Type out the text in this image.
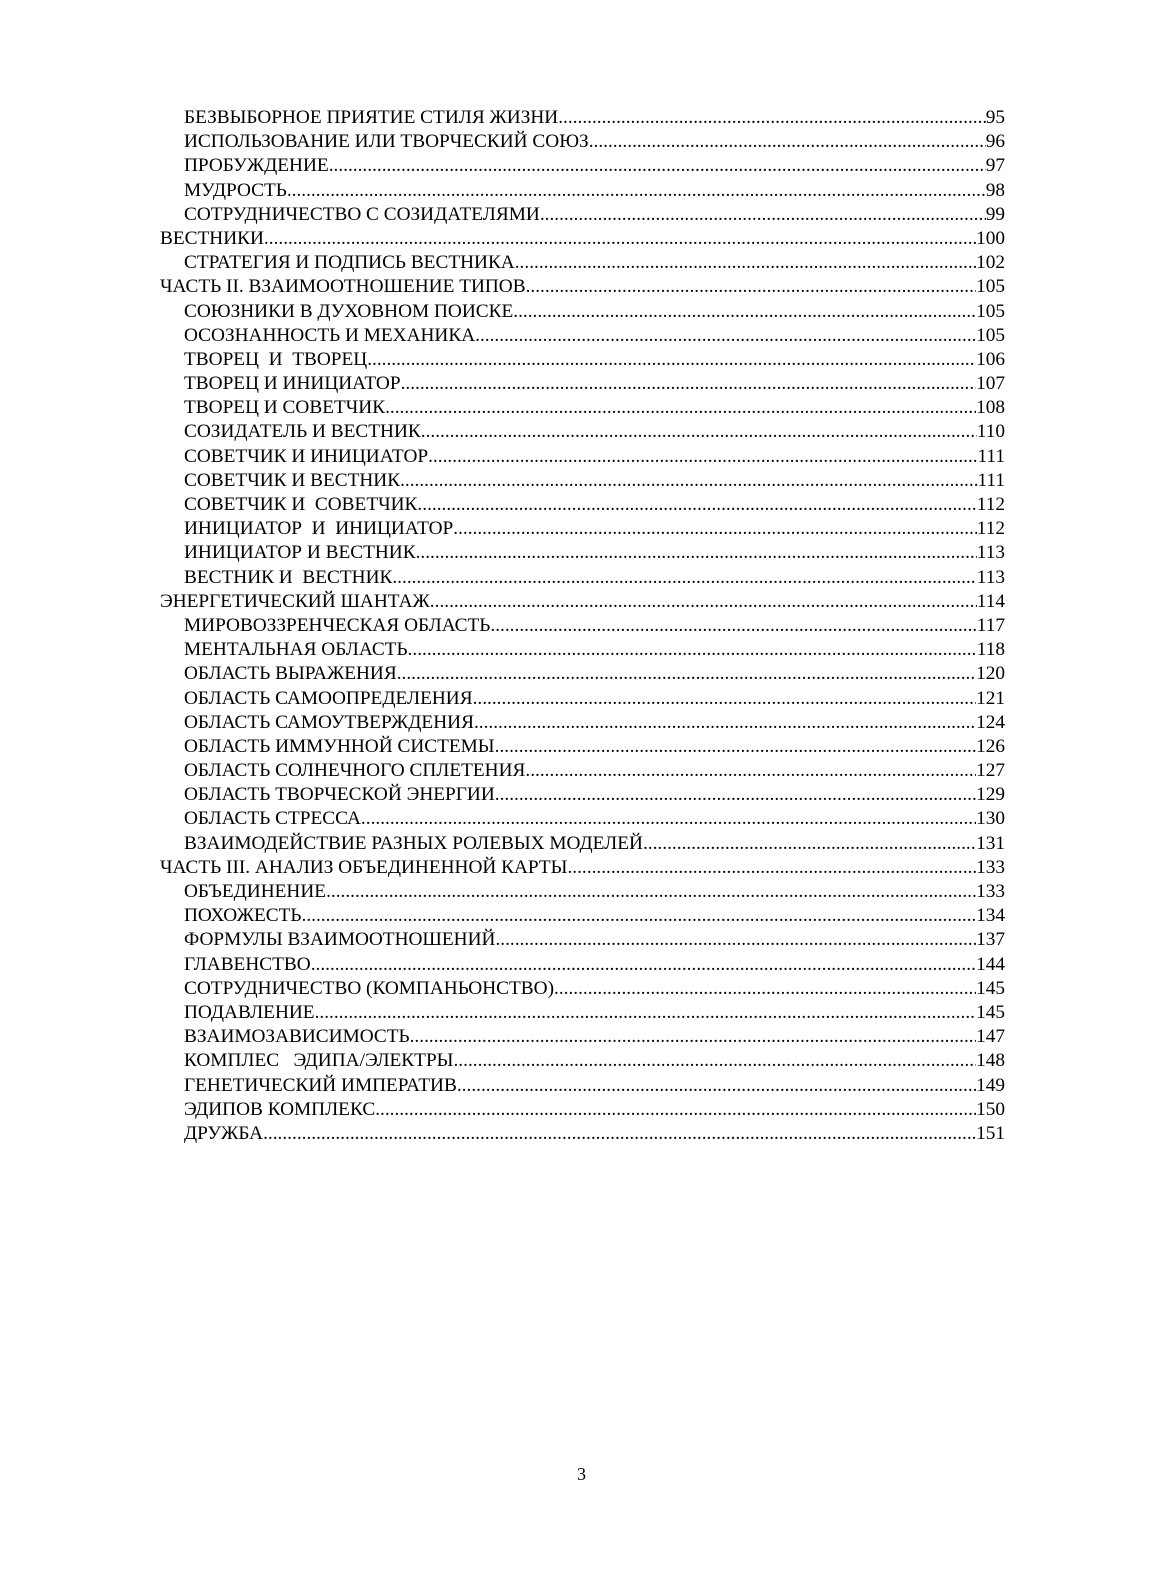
БЕЗВЫБОРНОЕ ПРИЯТИЕ СТИЛЯ ЖИЗНИ .....	95
ИСПОЛЬЗОВАНИЕ ИЛИ ТВОРЧЕСКИЙ СОЮЗ .....	96
ПРОБУЖДЕНИЕ .....	97
МУДРОСТЬ .....	98
СОТРУДНИЧЕСТВО С СОЗИДАТЕЛЯМИ .....	99
ВЕСТНИКИ .....	100
СТРАТЕГИЯ И ПОДПИСЬ ВЕСТНИКА .....	102
ЧАСТЬ II. ВЗАИМООТНОШЕНИЕ ТИПОВ .....	105
СОЮЗНИКИ В ДУХОВНОМ ПОИСКЕ .....	105
ОСОЗНАННОСТЬ И МЕХАНИКА .....	105
ТВОРЕЦ  И  ТВОРЕЦ .....	106
ТВОРЕЦ И ИНИЦИАТОР .....	107
ТВОРЕЦ И СОВЕТЧИК .....	108
СОЗИДАТЕЛЬ И ВЕСТНИК .....	110
СОВЕТЧИК И ИНИЦИАТОР .....	111
СОВЕТЧИК И ВЕСТНИК .....	111
СОВЕТЧИК И  СОВЕТЧИК .....	112
ИНИЦИАТОР  И  ИНИЦИАТОР .....	112
ИНИЦИАТОР И ВЕСТНИК .....	113
ВЕСТНИК И  ВЕСТНИК .....	113
ЭНЕРГЕТИЧЕСКИЙ ШАНТАЖ .....	114
МИРОВОЗЗРЕНЧЕСКАЯ ОБЛАСТЬ .....	117
МЕНТАЛЬНАЯ ОБЛАСТЬ .....	118
ОБЛАСТЬ ВЫРАЖЕНИЯ .....	120
ОБЛАСТЬ САМООПРЕДЕЛЕНИЯ .....	121
ОБЛАСТЬ САМОУТВЕРЖДЕНИЯ .....	124
ОБЛАСТЬ ИММУННОЙ СИСТЕМЫ .....	126
ОБЛАСТЬ СОЛНЕЧНОГО СПЛЕТЕНИЯ .....	127
ОБЛАСТЬ ТВОРЧЕСКОЙ ЭНЕРГИИ .....	129
ОБЛАСТЬ СТРЕССА .....	130
ВЗАИМОДЕЙСТВИЕ РАЗНЫХ РОЛЕВЫХ МОДЕЛЕЙ .....	131
ЧАСТЬ III. АНАЛИЗ ОБЪЕДИНЕННОЙ КАРТЫ .....	133
ОБЪЕДИНЕНИЕ .....	133
ПОХОЖЕСТЬ .....	134
ФОРМУЛЫ ВЗАИМООТНОШЕНИЙ .....	137
ГЛАВЕНСТВО .....	144
СОТРУДНИЧЕСТВО (КОМПАНЬОНСТВО) .....	145
ПОДАВЛЕНИЕ .....	145
ВЗАИМОЗАВИСИМОСТЬ .....	147
КОМПЛЕС   ЭДИПА/ЭЛЕКТРЫ .....	148
ГЕНЕТИЧЕСКИЙ ИМПЕРАТИВ .....	149
ЭДИПОВ КОМПЛЕКС .....	150
ДРУЖБА .....	151
3
